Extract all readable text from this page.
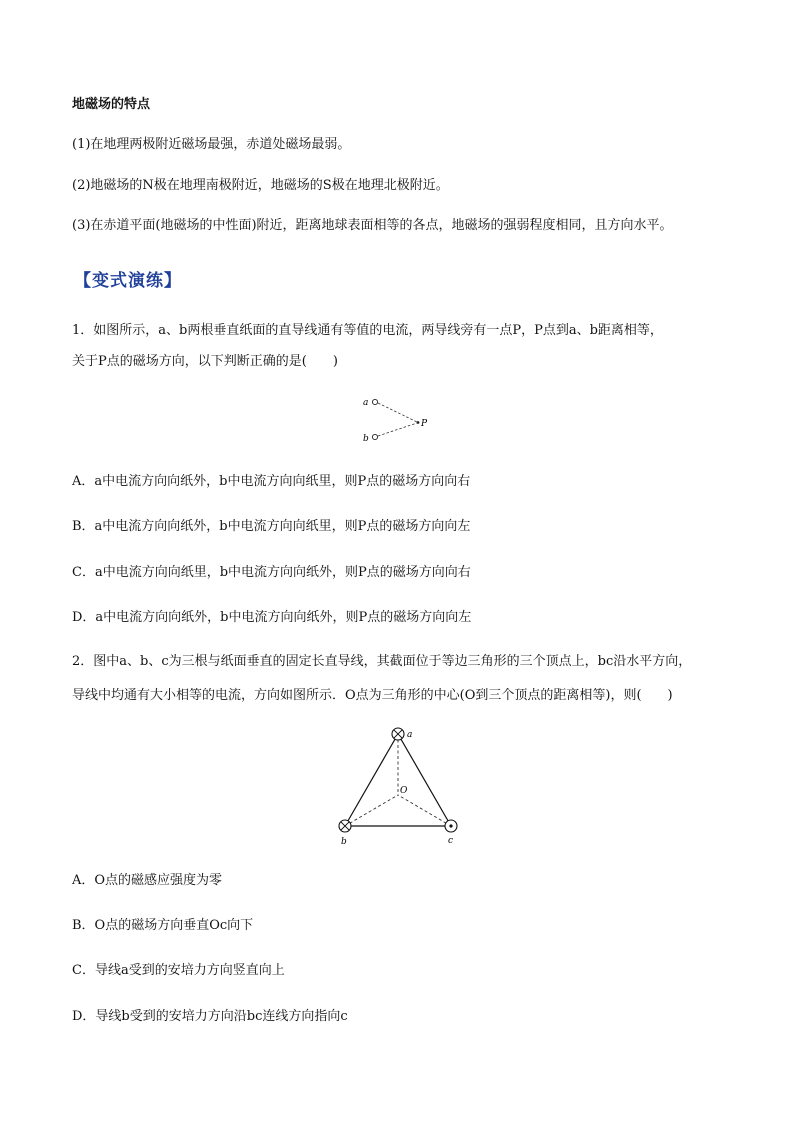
地磁场的特点
(1)在地理两极附近磁场最强，赤道处磁场最弱。
(2)地磁场的N极在地理南极附近，地磁场的S极在地理北极附近。
(3)在赤道平面(地磁场的中性面)附近，距离地球表面相等的各点，地磁场的强弱程度相同，且方向水平。
【变式演练】
1．如图所示，a、b两根垂直纸面的直导线通有等值的电流，两导线旁有一点P，P点到a、b距离相等，
关于P点的磁场方向，以下判断正确的是(　　)
a
b
P
A．a中电流方向向纸外，b中电流方向向纸里，则P点的磁场方向向右
B．a中电流方向向纸外，b中电流方向向纸里，则P点的磁场方向向左
C．a中电流方向向纸里，b中电流方向向纸外，则P点的磁场方向向右
D．a中电流方向向纸外，b中电流方向向纸外，则P点的磁场方向向左
2．图中a、b、c为三根与纸面垂直的固定长直导线，其截面位于等边三角形的三个顶点上，bc沿水平方向，
导线中均通有大小相等的电流，方向如图所示．O点为三角形的中心(O到三个顶点的距离相等)，则(　　)
a
O
b	c
A．O点的磁感应强度为零
B．O点的磁场方向垂直Oc向下
C．导线a受到的安培力方向竖直向上
D．导线b受到的安培力方向沿bc连线方向指向c
